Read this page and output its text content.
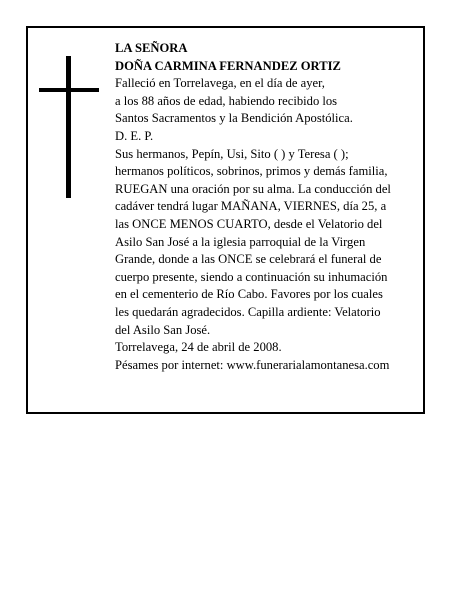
LA SEÑORA
DOÑA CARMINA FERNANDEZ ORTIZ
Falleció en Torrelavega, en el día de ayer,
a los 88 años de edad, habiendo recibido los
Santos Sacramentos y la Bendición Apostólica.
D. E. P.
Sus hermanos, Pepín, Usi, Sito ( ) y Teresa ( );
hermanos políticos, sobrinos, primos y demás familia,
RUEGAN una oración por su alma. La conducción del
cadáver tendrá lugar MAÑANA, VIERNES, día 25, a
las ONCE MENOS CUARTO, desde el Velatorio del
Asilo San José a la iglesia parroquial de la Virgen
Grande, donde a las ONCE se celebrará el funeral de
cuerpo presente, siendo a continuación su inhumación
en el cementerio de Río Cabo. Favores por los cuales
les quedarán agradecidos. Capilla ardiente: Velatorio
del Asilo San José.
Torrelavega, 24 de abril de 2008.
Pésames por internet: www.funerarialamontanesa.com
